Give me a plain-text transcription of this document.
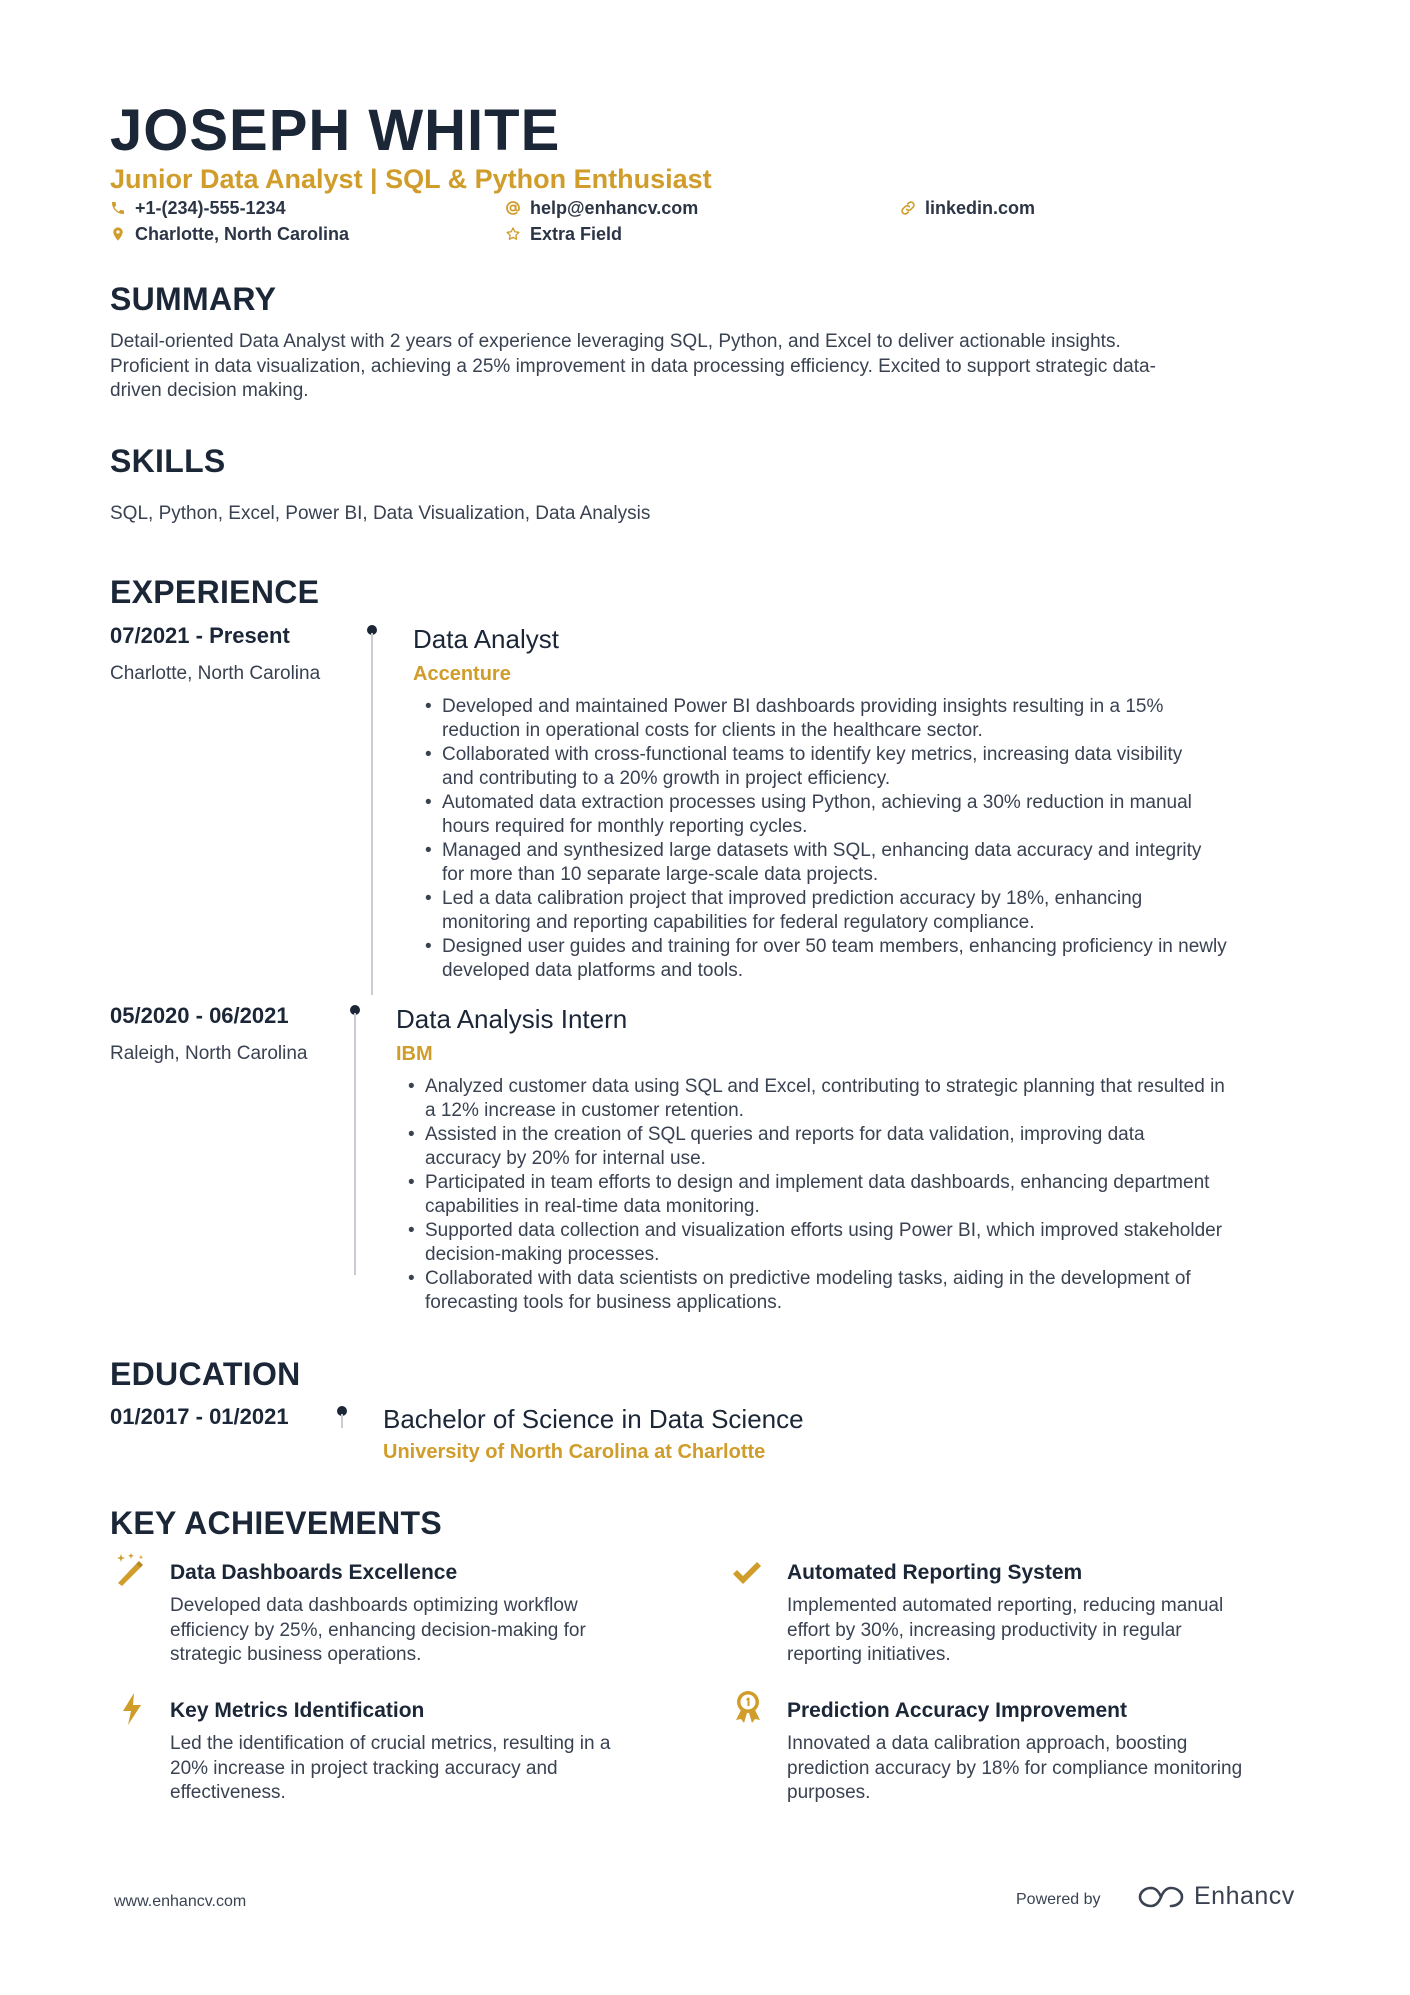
JOSEPH WHITE
Junior Data Analyst | SQL & Python Enthusiast
+1-(234)-555-1234	help@enhancv.com	linkedin.com
Charlotte, North Carolina	Extra Field
SUMMARY
Detail-oriented Data Analyst with 2 years of experience leveraging SQL, Python, and Excel to deliver actionable insights.
Proficient in data visualization, achieving a 25% improvement in data processing efficiency. Excited to support strategic data-
driven decision making.
SKILLS
SQL, Python, Excel, Power BI, Data Visualization, Data Analysis
EXPERIENCE
07/2021 - Present
Charlotte, North Carolina
Data Analyst
Accenture
• Developed and maintained Power BI dashboards providing insights resulting in a 15%
reduction in operational costs for clients in the healthcare sector.
• Collaborated with cross-functional teams to identify key metrics, increasing data visibility
and contributing to a 20% growth in project efficiency.
• Automated data extraction processes using Python, achieving a 30% reduction in manual
hours required for monthly reporting cycles.
• Managed and synthesized large datasets with SQL, enhancing data accuracy and integrity
for more than 10 separate large-scale data projects.
• Led a data calibration project that improved prediction accuracy by 18%, enhancing
monitoring and reporting capabilities for federal regulatory compliance.
• Designed user guides and training for over 50 team members, enhancing proficiency in newly
developed data platforms and tools.
05/2020 - 06/2021
Raleigh, North Carolina
Data Analysis Intern
IBM
• Analyzed customer data using SQL and Excel, contributing to strategic planning that resulted in
a 12% increase in customer retention.
• Assisted in the creation of SQL queries and reports for data validation, improving data
accuracy by 20% for internal use.
• Participated in team efforts to design and implement data dashboards, enhancing department
capabilities in real-time data monitoring.
• Supported data collection and visualization efforts using Power BI, which improved stakeholder
decision-making processes.
• Collaborated with data scientists on predictive modeling tasks, aiding in the development of
forecasting tools for business applications.
EDUCATION
01/2017 - 01/2021	Bachelor of Science in Data Science
University of North Carolina at Charlotte
KEY ACHIEVEMENTS
Data Dashboards Excellence
Developed data dashboards optimizing workflow
efficiency by 25%, enhancing decision-making for
strategic business operations.
Automated Reporting System
Implemented automated reporting, reducing manual
effort by 30%, increasing productivity in regular
reporting initiatives.
Key Metrics Identification
Led the identification of crucial metrics, resulting in a
20% increase in project tracking accuracy and
effectiveness.
Prediction Accuracy Improvement
Innovated a data calibration approach, boosting
prediction accuracy by 18% for compliance monitoring
purposes.
www.enhancv.com	Powered by	Enhancv
